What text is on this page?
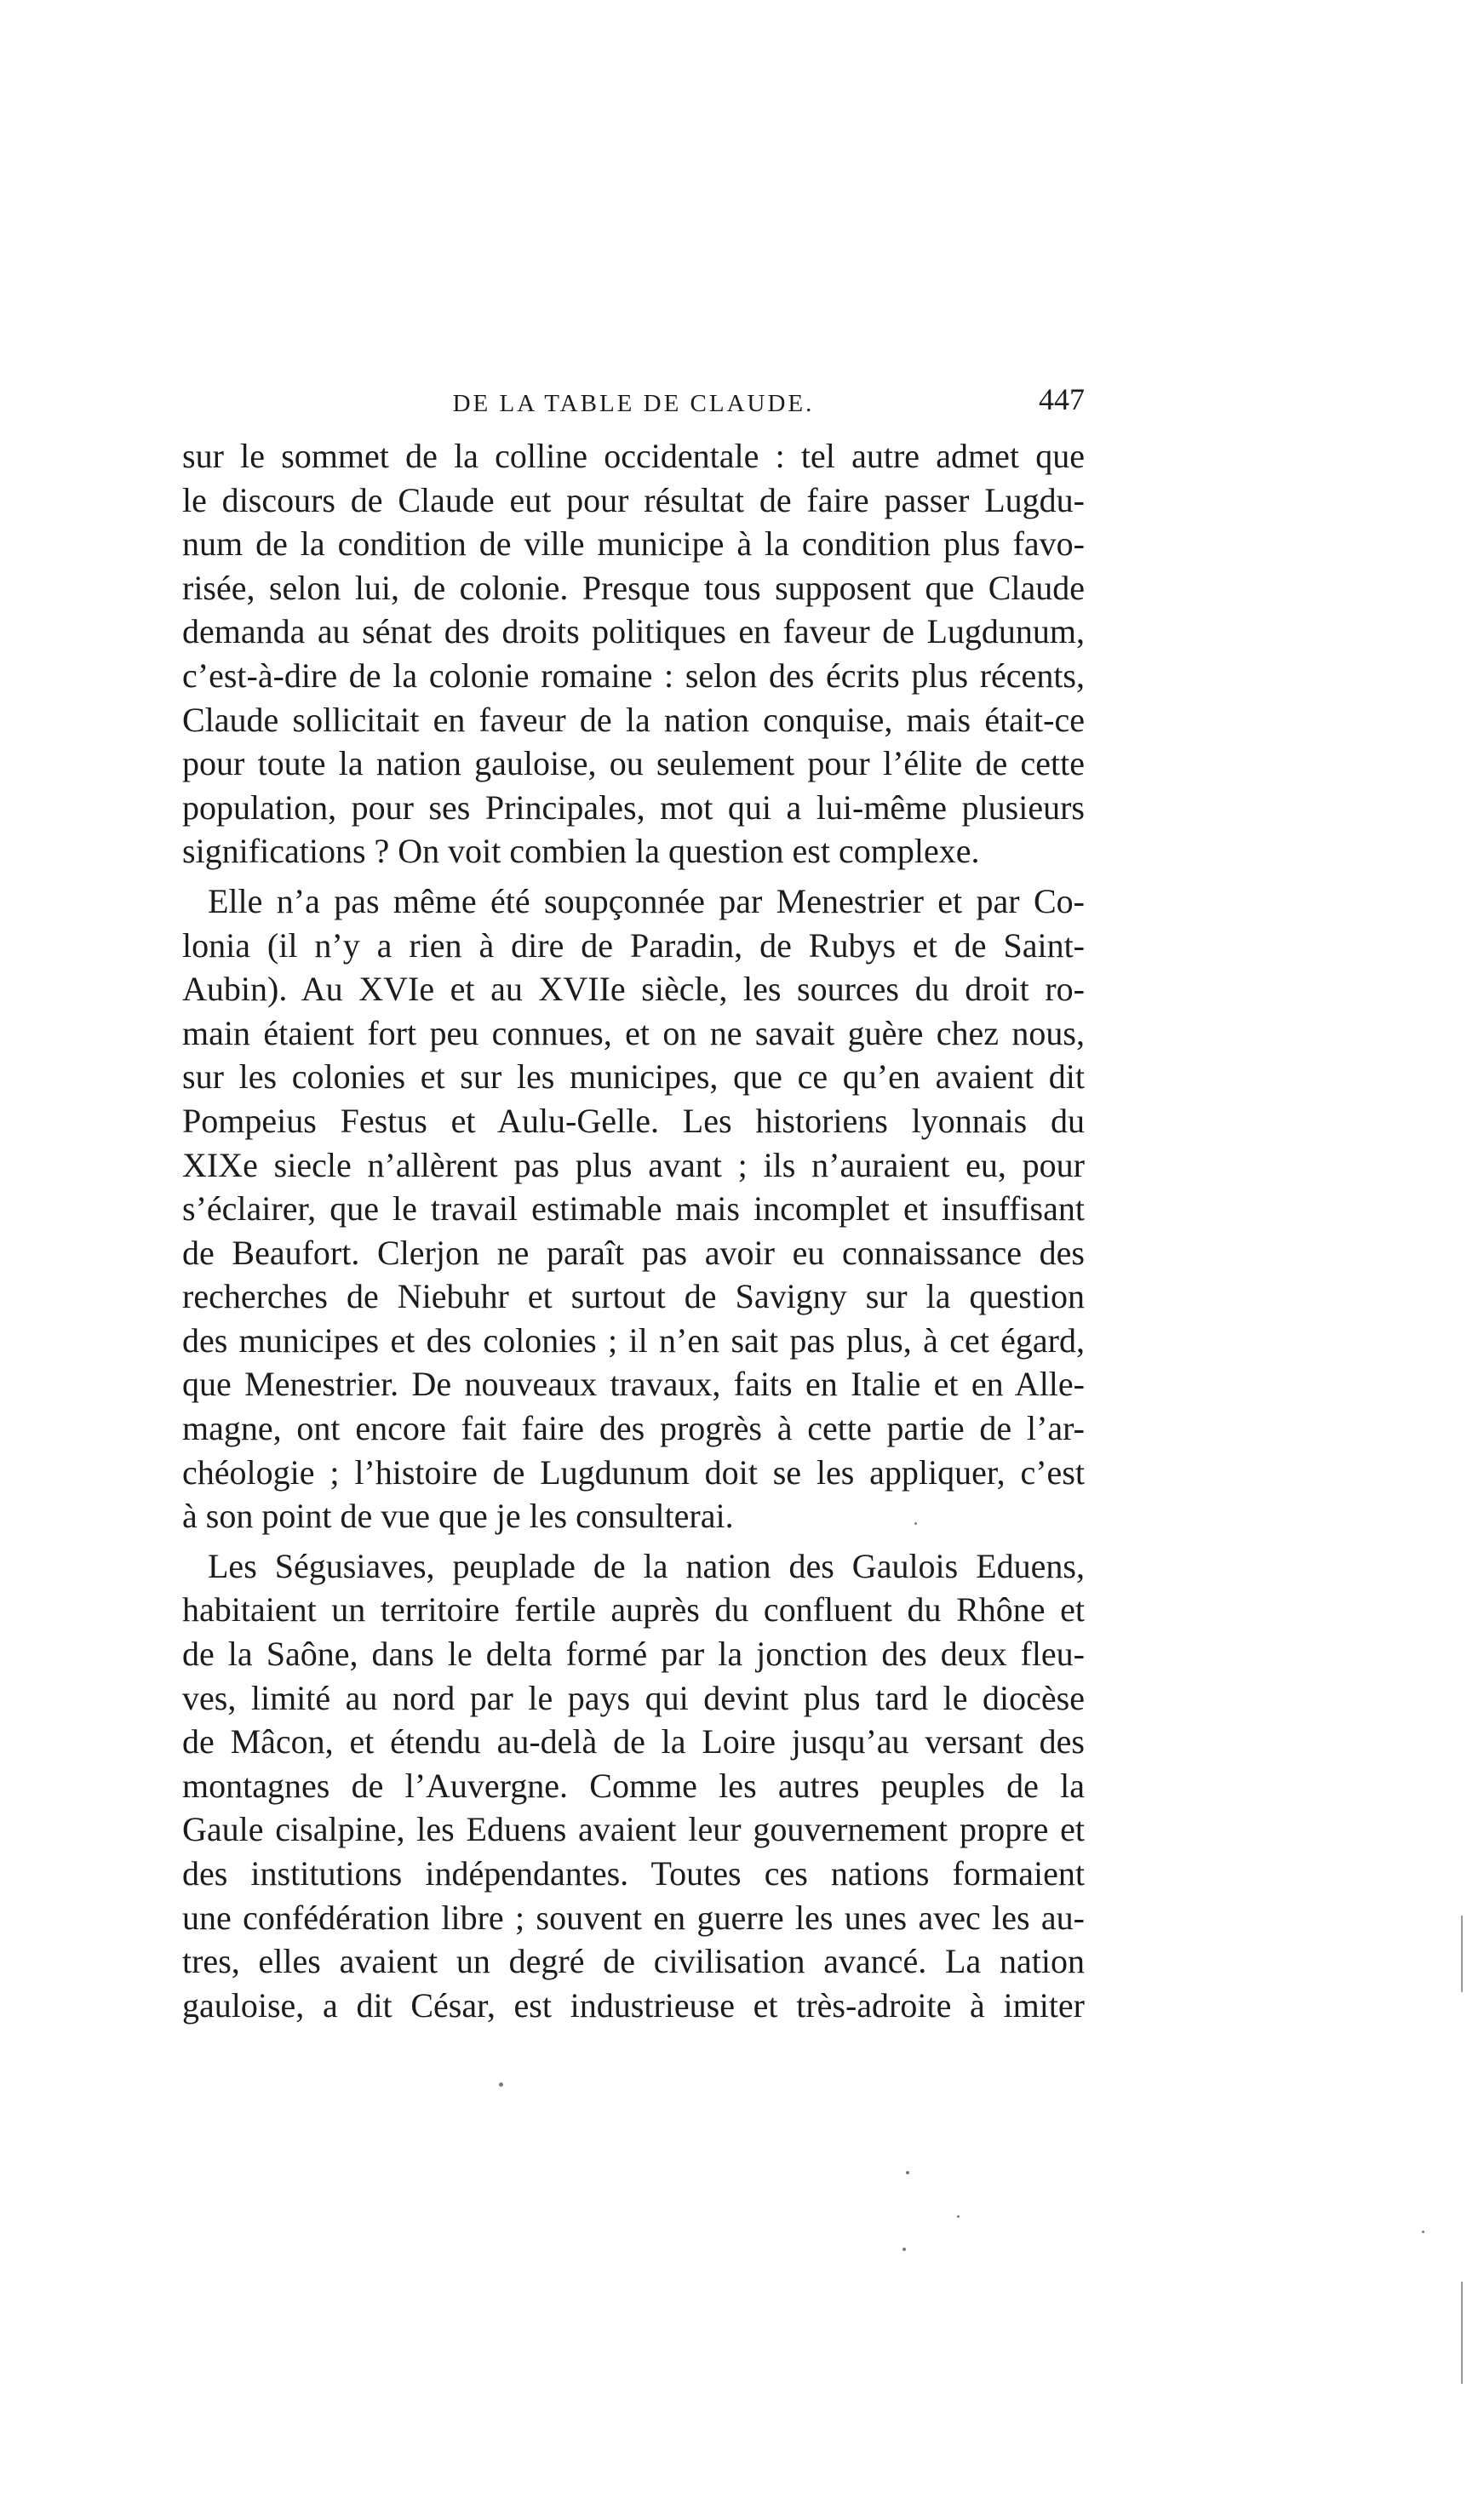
DE LA TABLE DE CLAUDE.	447
sur le sommet de la colline occidentale : tel autre admet que
le discours de Claude eut pour résultat de faire passer Lugdu-
num de la condition de ville municipe à la condition plus favo-
risée, selon lui, de colonie. Presque tous supposent que Claude
demanda au sénat des droits politiques en faveur de Lugdunum,
c’est-à-dire de la colonie romaine : selon des écrits plus récents,
Claude sollicitait en faveur de la nation conquise, mais était-ce
pour toute la nation gauloise, ou seulement pour l’élite de cette
population, pour ses Principales, mot qui a lui-même plusieurs
significations ? On voit combien la question est complexe.
Elle n’a pas même été soupçonnée par Menestrier et par Co-
lonia (il n’y a rien à dire de Paradin, de Rubys et de Saint-
Aubin). Au XVIe et au XVIIe siècle, les sources du droit ro-
main étaient fort peu connues, et on ne savait guère chez nous,
sur les colonies et sur les municipes, que ce qu’en avaient dit
Pompeius Festus et Aulu-Gelle. Les historiens lyonnais du
XIXe siecle n’allèrent pas plus avant ; ils n’auraient eu, pour
s’éclairer, que le travail estimable mais incomplet et insuffisant
de Beaufort. Clerjon ne paraît pas avoir eu connaissance des
recherches de Niebuhr et surtout de Savigny sur la question
des municipes et des colonies ; il n’en sait pas plus, à cet égard,
que Menestrier. De nouveaux travaux, faits en Italie et en Alle-
magne, ont encore fait faire des progrès à cette partie de l’ar-
chéologie ; l’histoire de Lugdunum doit se les appliquer, c’est
à son point de vue que je les consulterai.
Les Ségusiaves, peuplade de la nation des Gaulois Eduens,
habitaient un territoire fertile auprès du confluent du Rhône et
de la Saône, dans le delta formé par la jonction des deux fleu-
ves, limité au nord par le pays qui devint plus tard le diocèse
de Mâcon, et étendu au-delà de la Loire jusqu’au versant des
montagnes de l’Auvergne. Comme les autres peuples de la
Gaule cisalpine, les Eduens avaient leur gouvernement propre et
des institutions indépendantes. Toutes ces nations formaient
une confédération libre ; souvent en guerre les unes avec les au-
tres, elles avaient un degré de civilisation avancé. La nation
gauloise, a dit César, est industrieuse et très-adroite à imiter
